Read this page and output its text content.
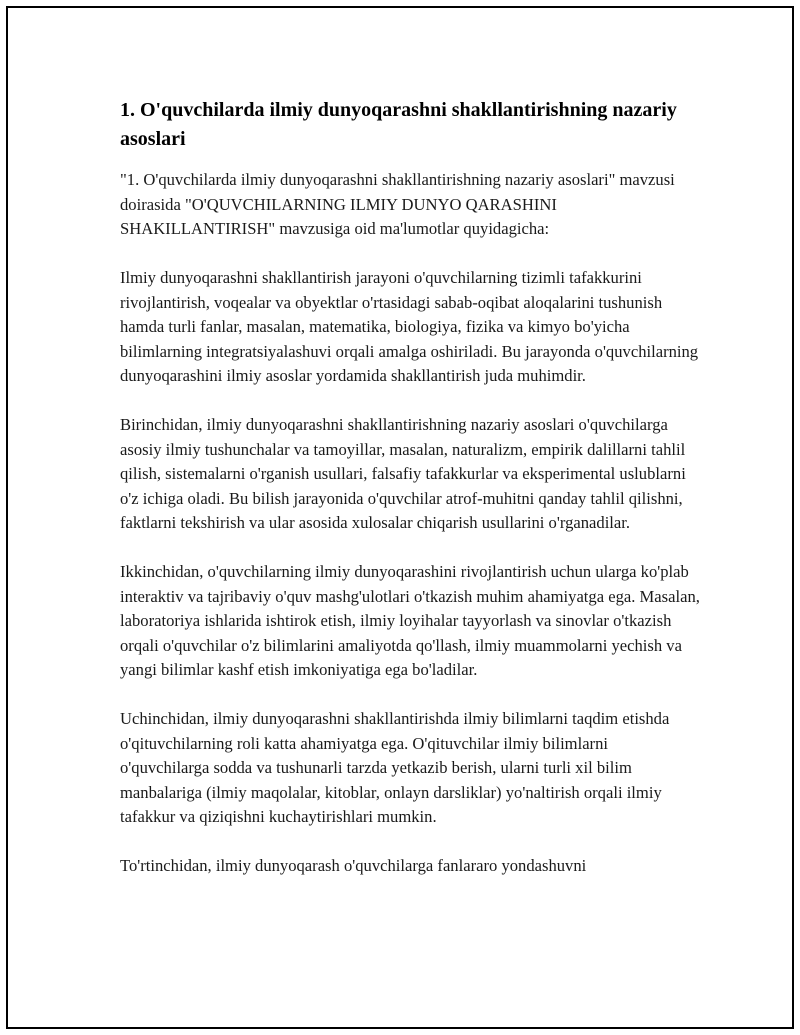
1. O'quvchilarda ilmiy dunyoqarashni shakllantirishning nazariy asoslari

"1. O'quvchilarda ilmiy dunyoqarashni shakllantirishning nazariy asoslari" mavzusi doirasida "O'QUVCHILARNING ILMIY DUNYO QARASHINI SHAKILLANTIRISH" mavzusiga oid ma'lumotlar quyidagicha:

Ilmiy dunyoqarashni shakllantirish jarayoni o'quvchilarning tizimli tafakkurini rivojlantirish, voqealar va obyektlar o'rtasidagi sabab-oqibat aloqalarini tushunish hamda turli fanlar, masalan, matematika, biologiya, fizika va kimyo bo'yicha bilimlarning integratsiyalashuvi orqali amalga oshiriladi. Bu jarayonda o'quvchilarning dunyoqarashini ilmiy asoslar yordamida shakllantirish juda muhimdir.

Birinchidan, ilmiy dunyoqarashni shakllantirishning nazariy asoslari o'quvchilarga asosiy ilmiy tushunchalar va tamoyillar, masalan, naturalizm, empirik dalillarni tahlil qilish, sistemalarni o'rganish usullari, falsafiy tafakkurlar va eksperimental uslublarni o'z ichiga oladi. Bu bilish jarayonida o'quvchilar atrof-muhitni qanday tahlil qilishni, faktlarni tekshirish va ular asosida xulosalar chiqarish usullarini o'rganadilar.

Ikkinchidan, o'quvchilarning ilmiy dunyoqarashini rivojlantirish uchun ularga ko'plab interaktiv va tajribaviy o'quv mashg'ulotlari o'tkazish muhim ahamiyatga ega. Masalan, laboratoriya ishlarida ishtirok etish, ilmiy loyihalar tayyorlash va sinovlar o'tkazish orqali o'quvchilar o'z bilimlarini amaliyotda qo'llash, ilmiy muammolarni yechish va yangi bilimlar kashf etish imkoniyatiga ega bo'ladilar.

Uchinchidan, ilmiy dunyoqarashni shakllantirishda ilmiy bilimlarni taqdim etishda o'qituvchilarning roli katta ahamiyatga ega. O'qituvchilar ilmiy bilimlarni o'quvchilarga sodda va tushunarli tarzda yetkazib berish, ularni turli xil bilim manbalariga (ilmiy maqolalar, kitoblar, onlayn darsliklar) yo'naltirish orqali ilmiy tafakkur va qiziqishni kuchaytirishlari mumkin.

To'rtinchidan, ilmiy dunyoqarash o'quvchilarga fanlararo yondashuvni
